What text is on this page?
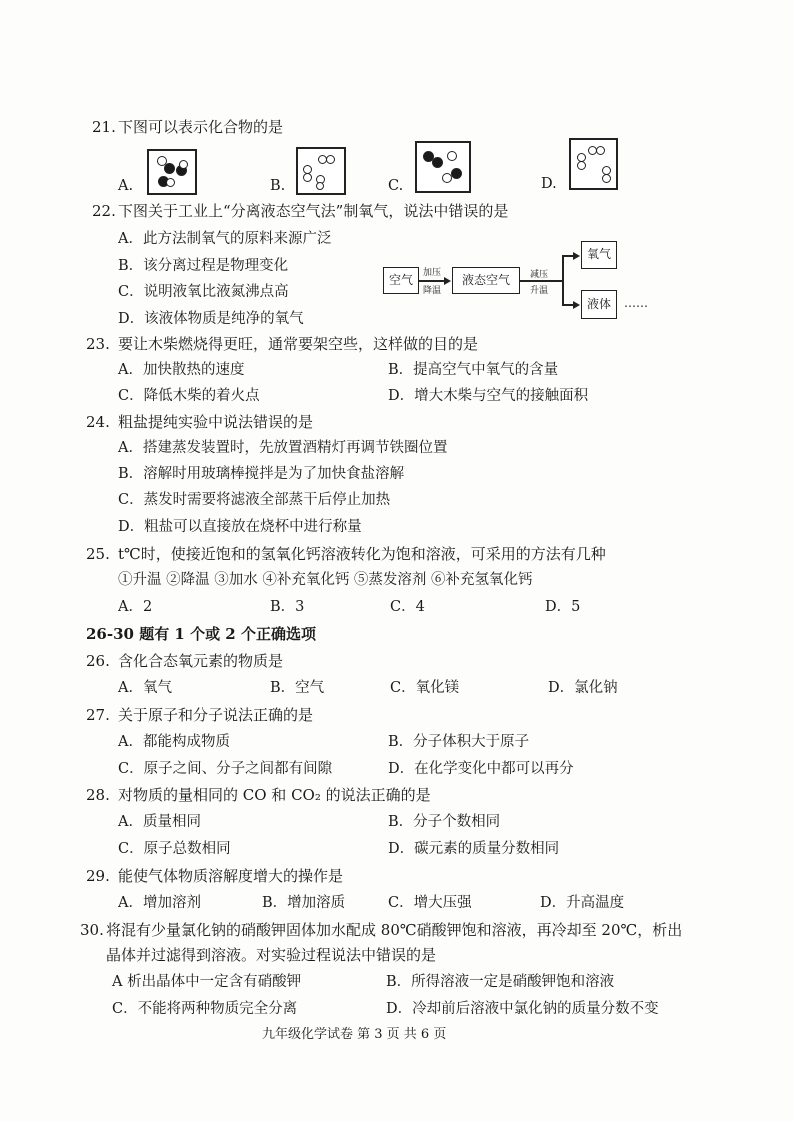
21. 下图可以表示化合物的是
A.	B.	C.	D.
22. 下图关于工业上“分离液态空气法”制氧气，说法中错误的是
A．此方法制氧气的原料来源广泛
B．该分离过程是物理变化
C．说明液氧比液氮沸点高
D．该液体物质是纯净的氧气
空气	加压
降温
液态空气	减压
升温
氧气
液体	……
23. 要让木柴燃烧得更旺，通常要架空些，这样做的目的是
A．加快散热的速度	B．提高空气中氧气的含量
C．降低木柴的着火点	D．增大木柴与空气的接触面积
24. 粗盐提纯实验中说法错误的是
A．搭建蒸发装置时，先放置酒精灯再调节铁圈位置
B．溶解时用玻璃棒搅拌是为了加快食盐溶解
C．蒸发时需要将滤液全部蒸干后停止加热
D．粗盐可以直接放在烧杯中进行称量
25. t℃时，使接近饱和的氢氧化钙溶液转化为饱和溶液，可采用的方法有几种
①升温 ②降温 ③加水 ④补充氧化钙 ⑤蒸发溶剂 ⑥补充氢氧化钙
A．2	B．3	C．4	D．5
26-30 题有 1 个或 2 个正确选项
26. 含化合态氧元素的物质是
A．氧气	B．空气	C．氧化镁	D．氯化钠
27. 关于原子和分子说法正确的是
A．都能构成物质	B．分子体积大于原子
C．原子之间、分子之间都有间隙	D．在化学变化中都可以再分
28. 对物质的量相同的 CO 和 CO₂ 的说法正确的是
A．质量相同	B．分子个数相同
C．原子总数相同	D．碳元素的质量分数相同
29. 能使气体物质溶解度增大的操作是
A．增加溶剂	B．增加溶质	C．增大压强	D．升高温度
30. 将混有少量氯化钠的硝酸钾固体加水配成 80℃硝酸钾饱和溶液，再冷却至 20℃，析出
晶体并过滤得到溶液。对实验过程说法中错误的是
A 析出晶体中一定含有硝酸钾	B．所得溶液一定是硝酸钾饱和溶液
C．不能将两种物质完全分离	D．冷却前后溶液中氯化钠的质量分数不变
九年级化学试卷 第 3 页 共 6 页
